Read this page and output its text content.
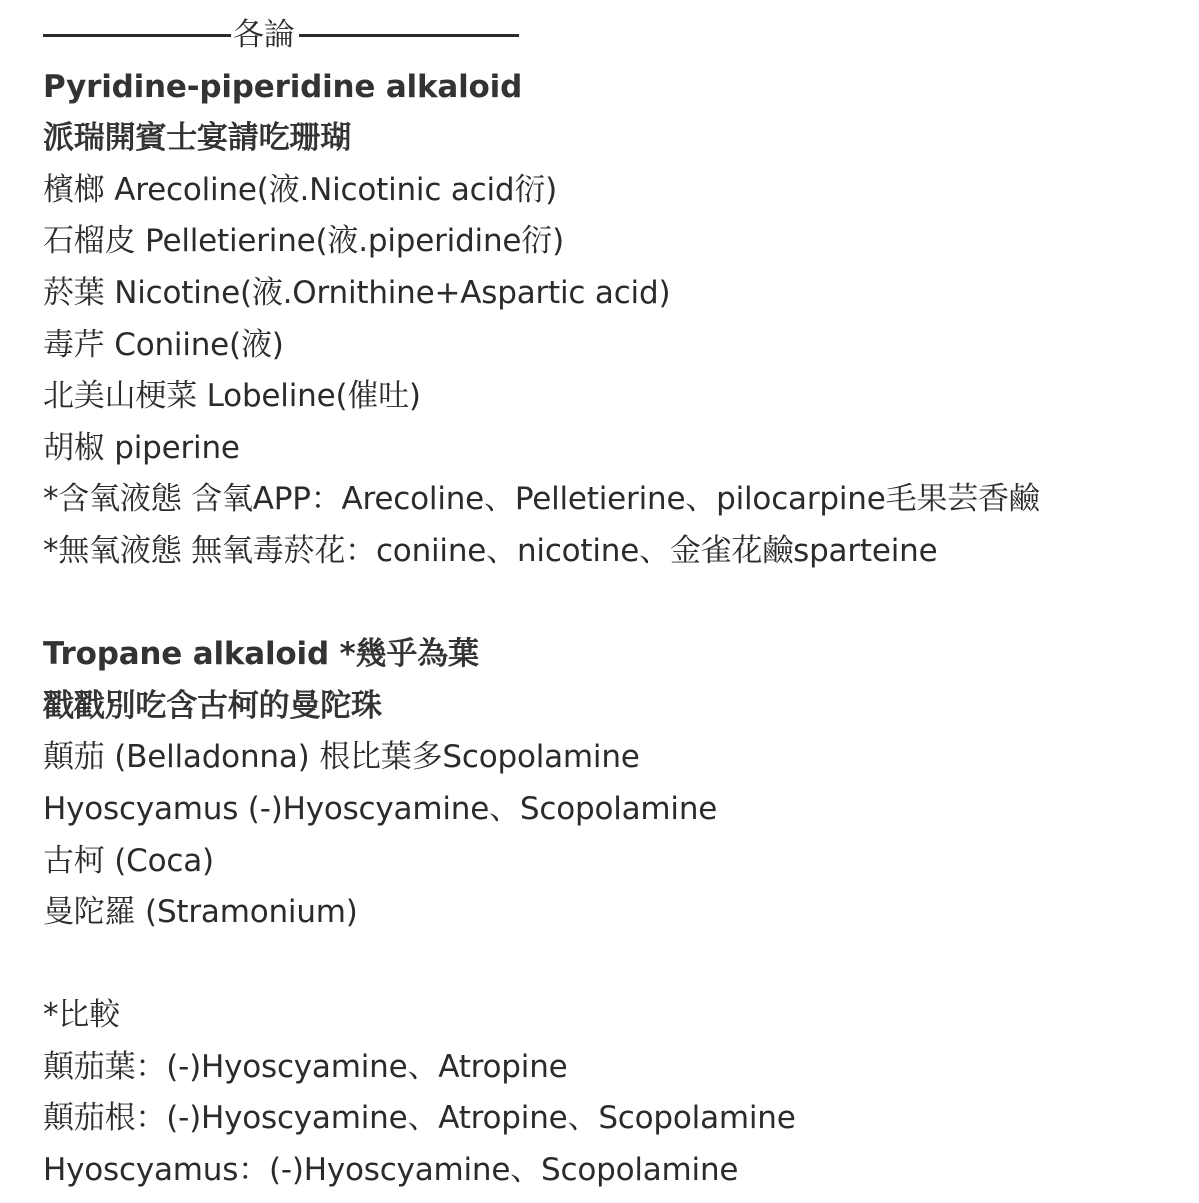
各論
Pyridine-piperidine alkaloid
派瑞開賓士宴請吃珊瑚
檳榔 Arecoline(液.Nicotinic acid衍)
石榴皮 Pelletierine(液.piperidine衍)
菸葉 Nicotine(液.Ornithine+Aspartic acid)
毒芹 Coniine(液)
北美山梗菜 Lobeline(催吐)
胡椒 piperine
*含氧液態 含氧APP：Arecoline、Pelletierine、pilocarpine毛果芸香鹼
*無氧液態 無氧毒菸花：coniine、nicotine、金雀花鹼sparteine
Tropane alkaloid *幾乎為葉
戳戳別吃含古柯的曼陀珠
顛茄 (Belladonna) 根比葉多Scopolamine
Hyoscyamus (-)Hyoscyamine、Scopolamine
古柯 (Coca)
曼陀羅 (Stramonium)
*比較
顛茄葉：(-)Hyoscyamine、Atropine
顛茄根：(-)Hyoscyamine、Atropine、Scopolamine
Hyoscyamus：(-)Hyoscyamine、Scopolamine
